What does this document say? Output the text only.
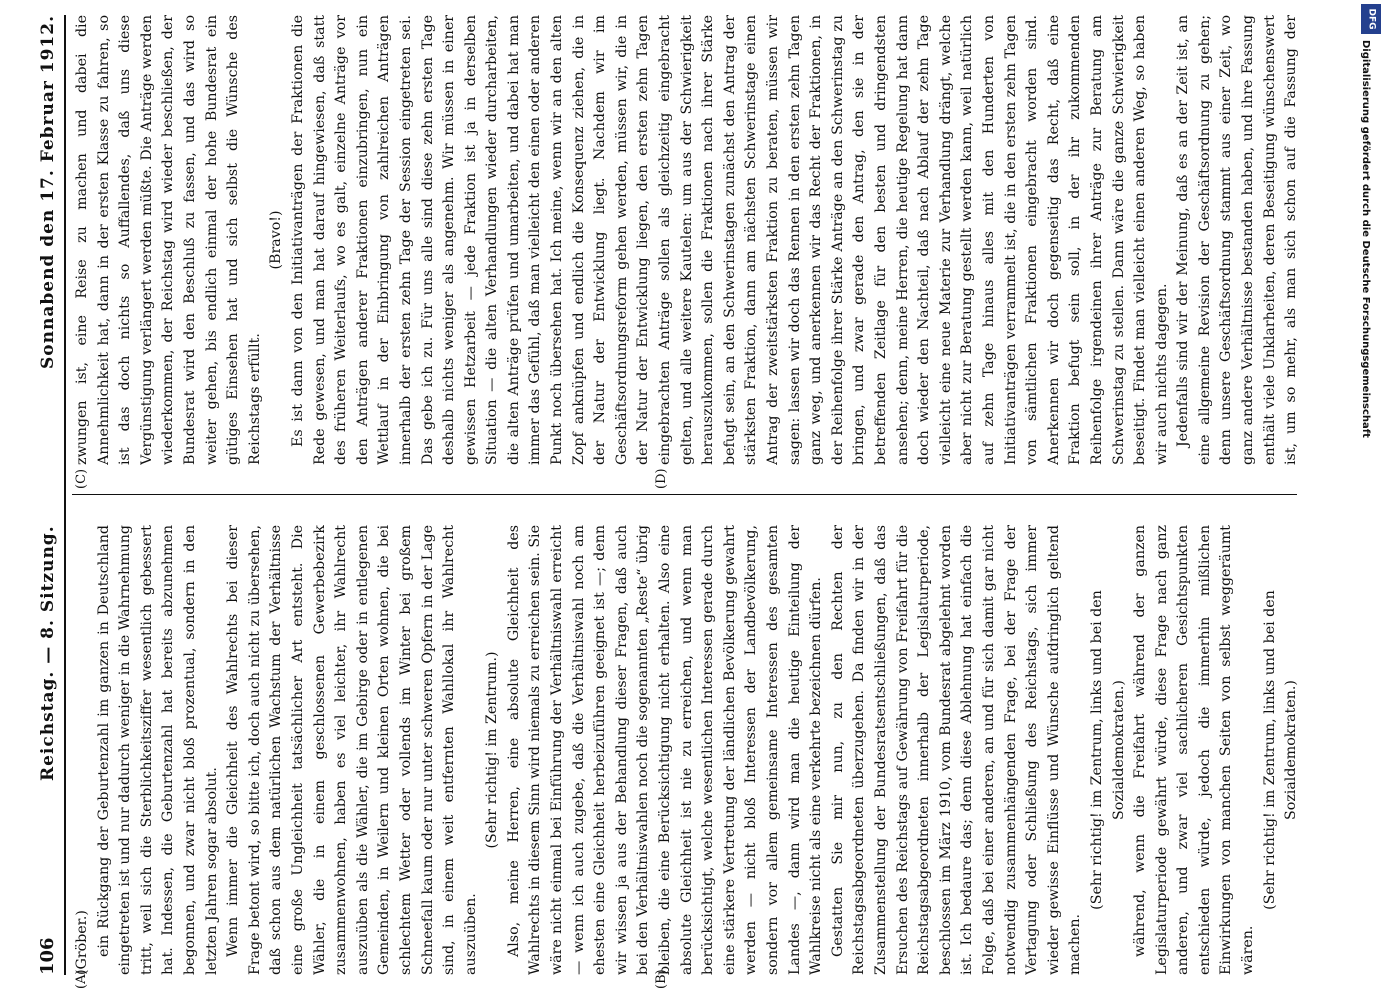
106
Reichstag. — 8. Sitzung.
Sonnabend den 17. Februar 1912.

(Gröber.) ein Rückgang der Geburtenzahl im ganzen in Deutschland eingetreten ist und nur dadurch weniger in die Wahrnehmung tritt, weil sich die Sterblichkeitsziffer wesentlich gebessert hat. Indessen, die Geburtenzahl hat bereits abzunehmen begonnen, und zwar nicht bloß prozentual, sondern in den letzten Jahren sogar absolut. Wenn immer die Gleichheit des Wahlrechts bei dieser Frage betont wird, so bitte ich, doch auch nicht zu übersehen, daß schon aus dem natürlichen Wachstum der Verhältnisse eine große Ungleichheit tatsächlicher Art entsteht. Die Wähler, die in einem geschlossenen Gewerbebezirk zusammenwohnen, haben es viel leichter, ihr Wahlrecht auszuüben als die Wähler, die im Gebirge oder in entlegenen Gemeinden, in Weilern und kleinen Orten wohnen, die bei schlechtem Wetter oder vollends im Winter bei großem Schneefall kaum oder nur unter schweren Opfern in der Lage sind, in einem weit entfernten Wahllokal ihr Wahlrecht auszuüben.

(Sehr richtig! im Zentrum.) Also, meine Herren, eine absolute Gleichheit des Wahlrechts in diesem Sinn wird niemals zu erreichen sein. Sie wäre nicht einmal bei Einführung der Verhältniswahl erreicht — wenn ich auch zugebe, daß die Verhältniswahl noch am ehesten eine Gleichheit herbeizuführen geeignet ist —; denn wir wissen ja aus der Behandlung dieser Fragen, daß auch bei den Verhältniswahlen noch die sogenannten „Reste“ übrig bleiben, die eine Berücksichtigung nicht erhalten. Also eine absolute Gleichheit ist nie zu erreichen, und wenn man berücksichtigt, welche wesentlichen Interessen gerade durch eine stärkere Vertretung der ländlichen Bevölkerung gewahrt werden — nicht bloß Interessen der Landbevölkerung, sondern vor allem gemeinsame Interessen des gesamten Landes —, dann wird man die heutige Einteilung der Wahlkreise nicht als eine verkehrte bezeichnen dürfen. Gestatten Sie mir nun, zu den Rechten der Reichstagsabgeordneten überzugehen. Da finden wir in der Zusammenstellung der Bundesratsentschließungen, daß das Ersuchen des Reichstags auf Gewährung von Freifahrt für die Reichstagsabgeordneten innerhalb der Legislaturperiode, beschlossen im März 1910, vom Bundesrat abgelehnt worden ist. Ich bedaure das; denn diese Ablehnung hat einfach die Folge, daß bei einer anderen, an und für sich damit gar nicht notwendig zusammenhängenden Frage, bei der Frage der Vertagung oder Schließung des Reichstags, sich immer wieder gewisse Einflüsse und Wünsche aufdringlich geltend machen.

(Sehr richtig! im Zentrum, links und bei den Sozialdemokraten.) während, wenn die Freifahrt während der ganzen Legislaturperiode gewährt würde, diese Frage nach ganz anderen, und zwar viel sachlicheren Gesichtspunkten entschieden würde, jedoch die immerhin mißlichen Einwirkungen von manchen Seiten von selbst weggeräumt wären.

(Sehr richtig! im Zentrum, links und bei den Sozialdemokraten.)

zwungen ist, eine Reise zu machen und dabei die Annehmlichkeit hat, dann in der ersten Klasse zu fahren, so ist das doch nichts so Auffallendes, daß uns diese Vergünstigung verlängert werden müßte. Die Anträge werden wiederkommen, der Reichstag wird wieder beschließen, der Bundesrat wird den Beschluß zu fassen, und das wird so weiter gehen, bis endlich einmal der hohe Bundesrat ein gütiges Einsehen hat und sich selbst die Wünsche des Reichstags erfüllt.

(Bravo!) Es ist dann von den Initiativanträgen der Fraktionen die Rede gewesen, und man hat darauf hingewiesen, daß statt des früheren Weiterlaufs, wo es galt, einzelne Anträge vor den Anträgen anderer Fraktionen einzubringen, nun ein Wettlauf in der Einbringung von zahlreichen Anträgen innerhalb der ersten zehn Tage der Session eingetreten sei. Das gebe ich zu. Für uns alle sind diese zehn ersten Tage deshalb nichts weniger als angenehm. Wir müssen in einer gewissen Hetzarbeit — jede Fraktion ist ja in derselben Situation — die alten Verhandlungen wieder durcharbeiten, die alten Anträge prüfen und umarbeiten, und dabei hat man immer das Gefühl, daß man vielleicht den einen oder anderen Punkt noch übersehen hat. Ich meine, wenn wir an den alten Zopf anknüpfen und endlich die Konsequenz ziehen, die in der Natur der Entwicklung liegt. Nachdem wir im Geschäftsordnungsreform gehen werden, müssen wir, die in der Natur der Entwicklung liegen, den ersten zehn Tagen eingebrachten Anträge sollen als gleichzeitig eingebracht gelten, und alle weitere Kautelen: um aus der Schwierigkeit herauszukommen, sollen die Fraktionen nach ihrer Stärke befugt sein, an den Schwerinstagen zunächst den Antrag der stärksten Fraktion, dann am nächsten Schwerinstage einen Antrag der zweitstärksten Fraktion zu beraten, müssen wir sagen: lassen wir doch das Rennen in den ersten zehn Tagen ganz weg, und anerkennen wir das Recht der Fraktionen, in der Reihenfolge ihrer Stärke Anträge an den Schwerinstag zu bringen, und zwar gerade den Antrag, den sie in der betreffenden Zeitlage für den besten und dringendsten ansehen; denn, meine Herren, die heutige Regelung hat dann doch wieder den Nachteil, daß nach Ablauf der zehn Tage vielleicht eine neue Materie zur Verhandlung drängt, welche aber nicht zur Beratung gestellt werden kann, weil natürlich auf zehn Tage hinaus alles mit den Hunderten von Initiativanträgen verrammelt ist, die in den ersten zehn Tagen von sämtlichen Fraktionen eingebracht worden sind. Anerkennen wir doch gegenseitig das Recht, daß eine Fraktion befugt sein soll, in der ihr zukommenden Reihenfolge irgendeinen ihrer Anträge zur Beratung am Schwerinstag zu stellen. Dann wäre die ganze Schwierigkeit beseitigt. Findet man vielleicht einen anderen Weg, so haben wir auch nichts dagegen. Jedenfalls sind wir der Meinung, daß es an der Zeit ist, an eine allgemeine Revision der Geschäftsordnung zu gehen; denn unsere Geschäftsordnung stammt aus einer Zeit, wo ganz andere Verhältnisse bestanden haben, und ihre Fassung enthält viele Unklarheiten, deren Beseitigung wünschenswert ist, um so mehr, als man sich schon auf die Fassung der

(A)	(B)
(C)	(D)
DFG
Digitalisierung gefördert durch die Deutsche Forschungsgemeinschaft
